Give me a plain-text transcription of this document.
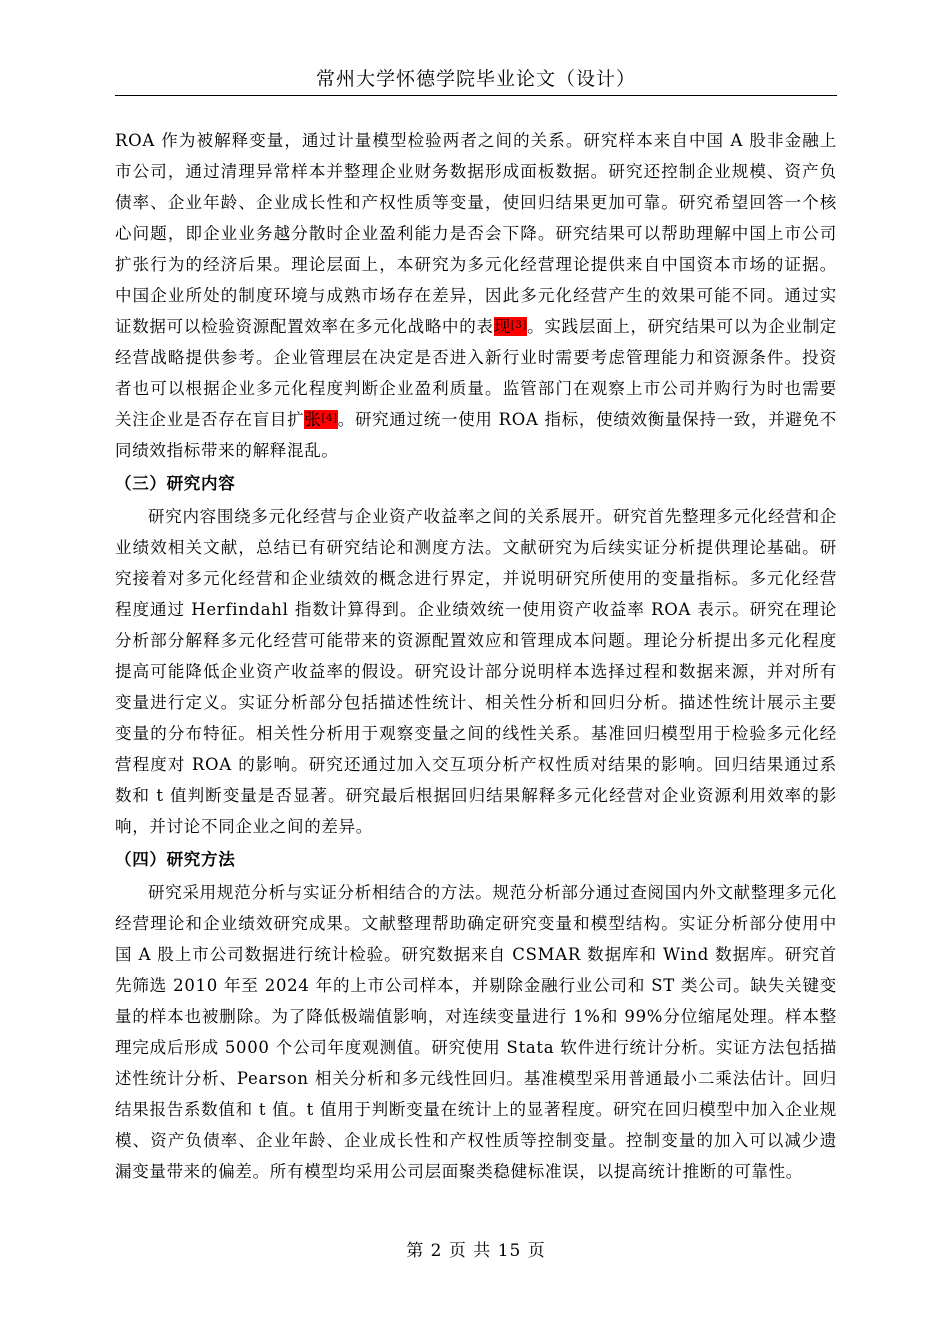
常州大学怀德学院毕业论文（设计）

ROA 作为被解释变量，通过计量模型检验两者之间的关系。研究样本来自中国 A 股非金融上市公司，通过清理异常样本并整理企业财务数据形成面板数据。研究还控制企业规模、资产负债率、企业年龄、企业成长性和产权性质等变量，使回归结果更加可靠。研究希望回答一个核心问题，即企业业务越分散时企业盈利能力是否会下降。研究结果可以帮助理解中国上市公司扩张行为的经济后果。理论层面上，本研究为多元化经营理论提供来自中国资本市场的证据。中国企业所处的制度环境与成熟市场存在差异，因此多元化经营产生的效果可能不同。通过实证数据可以检验资源配置效率在多元化战略中的表现[3]。实践层面上，研究结果可以为企业制定经营战略提供参考。企业管理层在决定是否进入新行业时需要考虑管理能力和资源条件。投资者也可以根据企业多元化程度判断企业盈利质量。监管部门在观察上市公司并购行为时也需要关注企业是否存在盲目扩张[4]。研究通过统一使用 ROA 指标，使绩效衡量保持一致，并避免不同绩效指标带来的解释混乱。

（三）研究内容

研究内容围绕多元化经营与企业资产收益率之间的关系展开。研究首先整理多元化经营和企业绩效相关文献，总结已有研究结论和测度方法。文献研究为后续实证分析提供理论基础。研究接着对多元化经营和企业绩效的概念进行界定，并说明研究所使用的变量指标。多元化经营程度通过 Herfindahl 指数计算得到。企业绩效统一使用资产收益率 ROA 表示。研究在理论分析部分解释多元化经营可能带来的资源配置效应和管理成本问题。理论分析提出多元化程度提高可能降低企业资产收益率的假设。研究设计部分说明样本选择过程和数据来源，并对所有变量进行定义。实证分析部分包括描述性统计、相关性分析和回归分析。描述性统计展示主要变量的分布特征。相关性分析用于观察变量之间的线性关系。基准回归模型用于检验多元化经营程度对 ROA 的影响。研究还通过加入交互项分析产权性质对结果的影响。回归结果通过系数和 t 值判断变量是否显著。研究最后根据回归结果解释多元化经营对企业资源利用效率的影响，并讨论不同企业之间的差异。

（四）研究方法

研究采用规范分析与实证分析相结合的方法。规范分析部分通过查阅国内外文献整理多元化经营理论和企业绩效研究成果。文献整理帮助确定研究变量和模型结构。实证分析部分使用中国 A 股上市公司数据进行统计检验。研究数据来自 CSMAR 数据库和 Wind 数据库。研究首先筛选 2010 年至 2024 年的上市公司样本，并剔除金融行业公司和 ST 类公司。缺失关键变量的样本也被删除。为了降低极端值影响，对连续变量进行 1%和 99%分位缩尾处理。样本整理完成后形成 5000 个公司年度观测值。研究使用 Stata 软件进行统计分析。实证方法包括描述性统计分析、Pearson 相关分析和多元线性回归。基准模型采用普通最小二乘法估计。回归结果报告系数值和 t 值。t 值用于判断变量在统计上的显著程度。研究在回归模型中加入企业规模、资产负债率、企业年龄、企业成长性和产权性质等控制变量。控制变量的加入可以减少遗漏变量带来的偏差。所有模型均采用公司层面聚类稳健标准误，以提高统计推断的可靠性。

第 2 页 共 15 页
